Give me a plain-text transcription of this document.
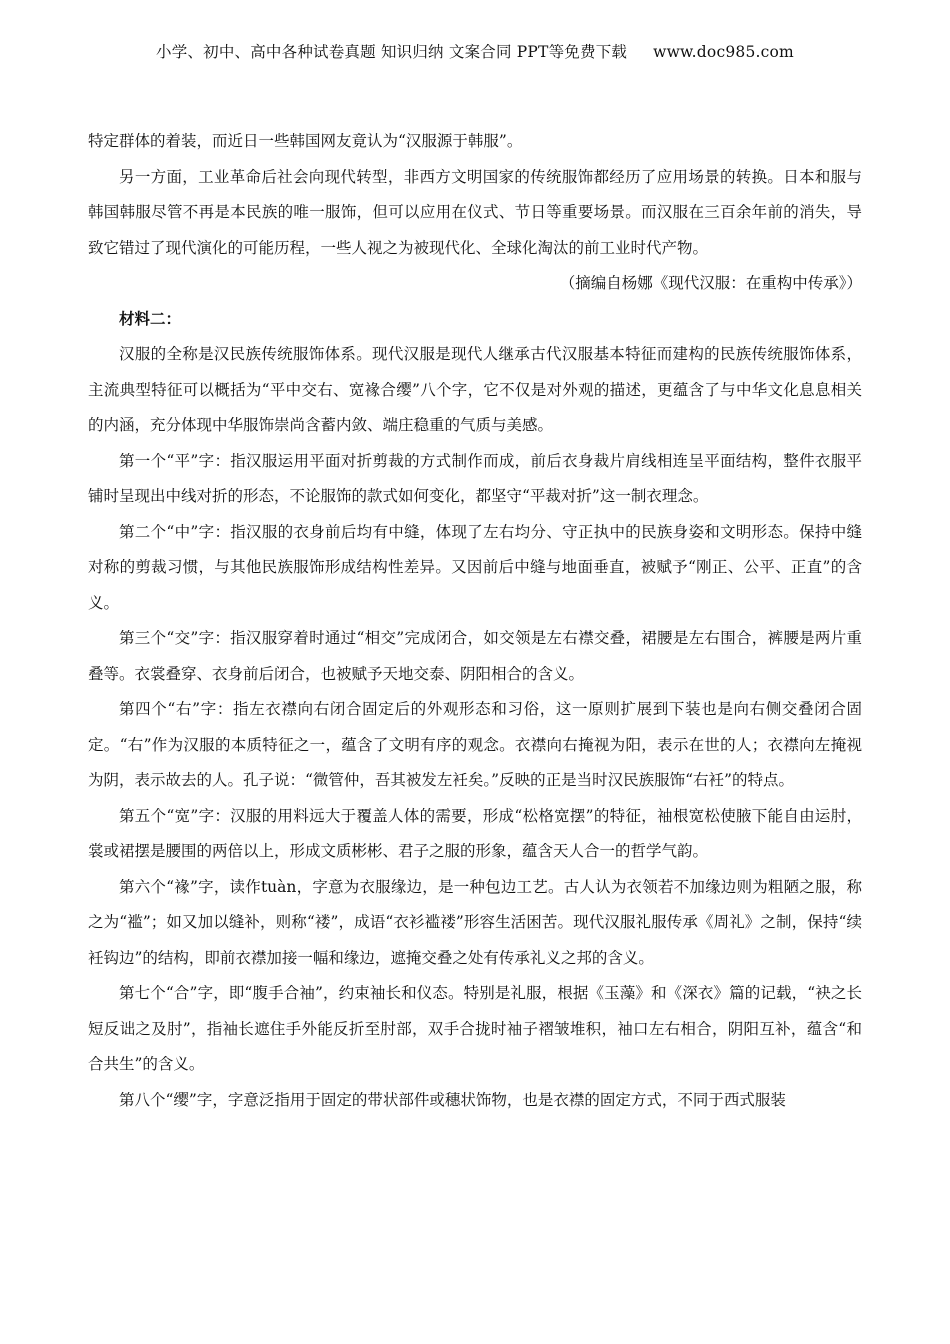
小学、初中、高中各种试卷真题 知识归纳 文案合同 PPT等免费下载 www.doc985.com

特定群体的着装，而近日一些韩国网友竟认为“汉服源于韩服”。

另一方面，工业革命后社会向现代转型，非西方文明国家的传统服饰都经历了应用场景的转换。日本和服与韩国韩服尽管不再是本民族的唯一服饰，但可以应用在仪式、节日等重要场景。而汉服在三百余年前的消失，导致它错过了现代演化的可能历程，一些人视之为被现代化、全球化淘汰的前工业时代产物。

（摘编自杨娜《现代汉服：在重构中传承》）

材料二：

汉服的全称是汉民族传统服饰体系。现代汉服是现代人继承古代汉服基本特征而建构的民族传统服饰体系，主流典型特征可以概括为“平中交右、宽褖合缨”八个字，它不仅是对外观的描述，更蕴含了与中华文化息息相关的内涵，充分体现中华服饰崇尚含蓄内敛、端庄稳重的气质与美感。

第一个“平”字：指汉服运用平面对折剪裁的方式制作而成，前后衣身裁片肩线相连呈平面结构，整件衣服平铺时呈现出中线对折的形态，不论服饰的款式如何变化，都坚守“平裁对折”这一制衣理念。

第二个“中”字：指汉服的衣身前后均有中缝，体现了左右均分、守正执中的民族身姿和文明形态。保持中缝对称的剪裁习惯，与其他民族服饰形成结构性差异。又因前后中缝与地面垂直，被赋予“刚正、公平、正直”的含义。

第三个“交”字：指汉服穿着时通过“相交”完成闭合，如交领是左右襟交叠，裙腰是左右围合，裤腰是两片重叠等。衣裳叠穿、衣身前后闭合，也被赋予天地交泰、阴阳相合的含义。

第四个“右”字：指左衣襟向右闭合固定后的外观形态和习俗，这一原则扩展到下装也是向右侧交叠闭合固定。“右”作为汉服的本质特征之一，蕴含了文明有序的观念。衣襟向右掩视为阳，表示在世的人；衣襟向左掩视为阴，表示故去的人。孔子说：“微管仲，吾其被发左衽矣。”反映的正是当时汉民族服饰“右衽”的特点。

第五个“宽”字：汉服的用料远大于覆盖人体的需要，形成“松格宽摆”的特征，袖根宽松使腋下能自由运肘，裳或裙摆是腰围的两倍以上，形成文质彬彬、君子之服的形象，蕴含天人合一的哲学气韵。

第六个“褖”字，读作tuàn，字意为衣服缘边，是一种包边工艺。古人认为衣领若不加缘边则为粗陋之服，称之为“褴”；如又加以缝补，则称“褛”，成语“衣衫褴褛”形容生活困苦。现代汉服礼服传承《周礼》之制，保持“续衽钩边”的结构，即前衣襟加接一幅和缘边，遮掩交叠之处有传承礼义之邦的含义。

第七个“合”字，即“腹手合袖”，约束袖长和仪态。特别是礼服，根据《玉藻》和《深衣》篇的记载，“袂之长短反诎之及肘”，指袖长遮住手外能反折至肘部，双手合拢时袖子褶皱堆积，袖口左右相合，阴阳互补，蕴含“和合共生”的含义。

第八个“缨”字，字意泛指用于固定的带状部件或穗状饰物，也是衣襟的固定方式，不同于西式服装
